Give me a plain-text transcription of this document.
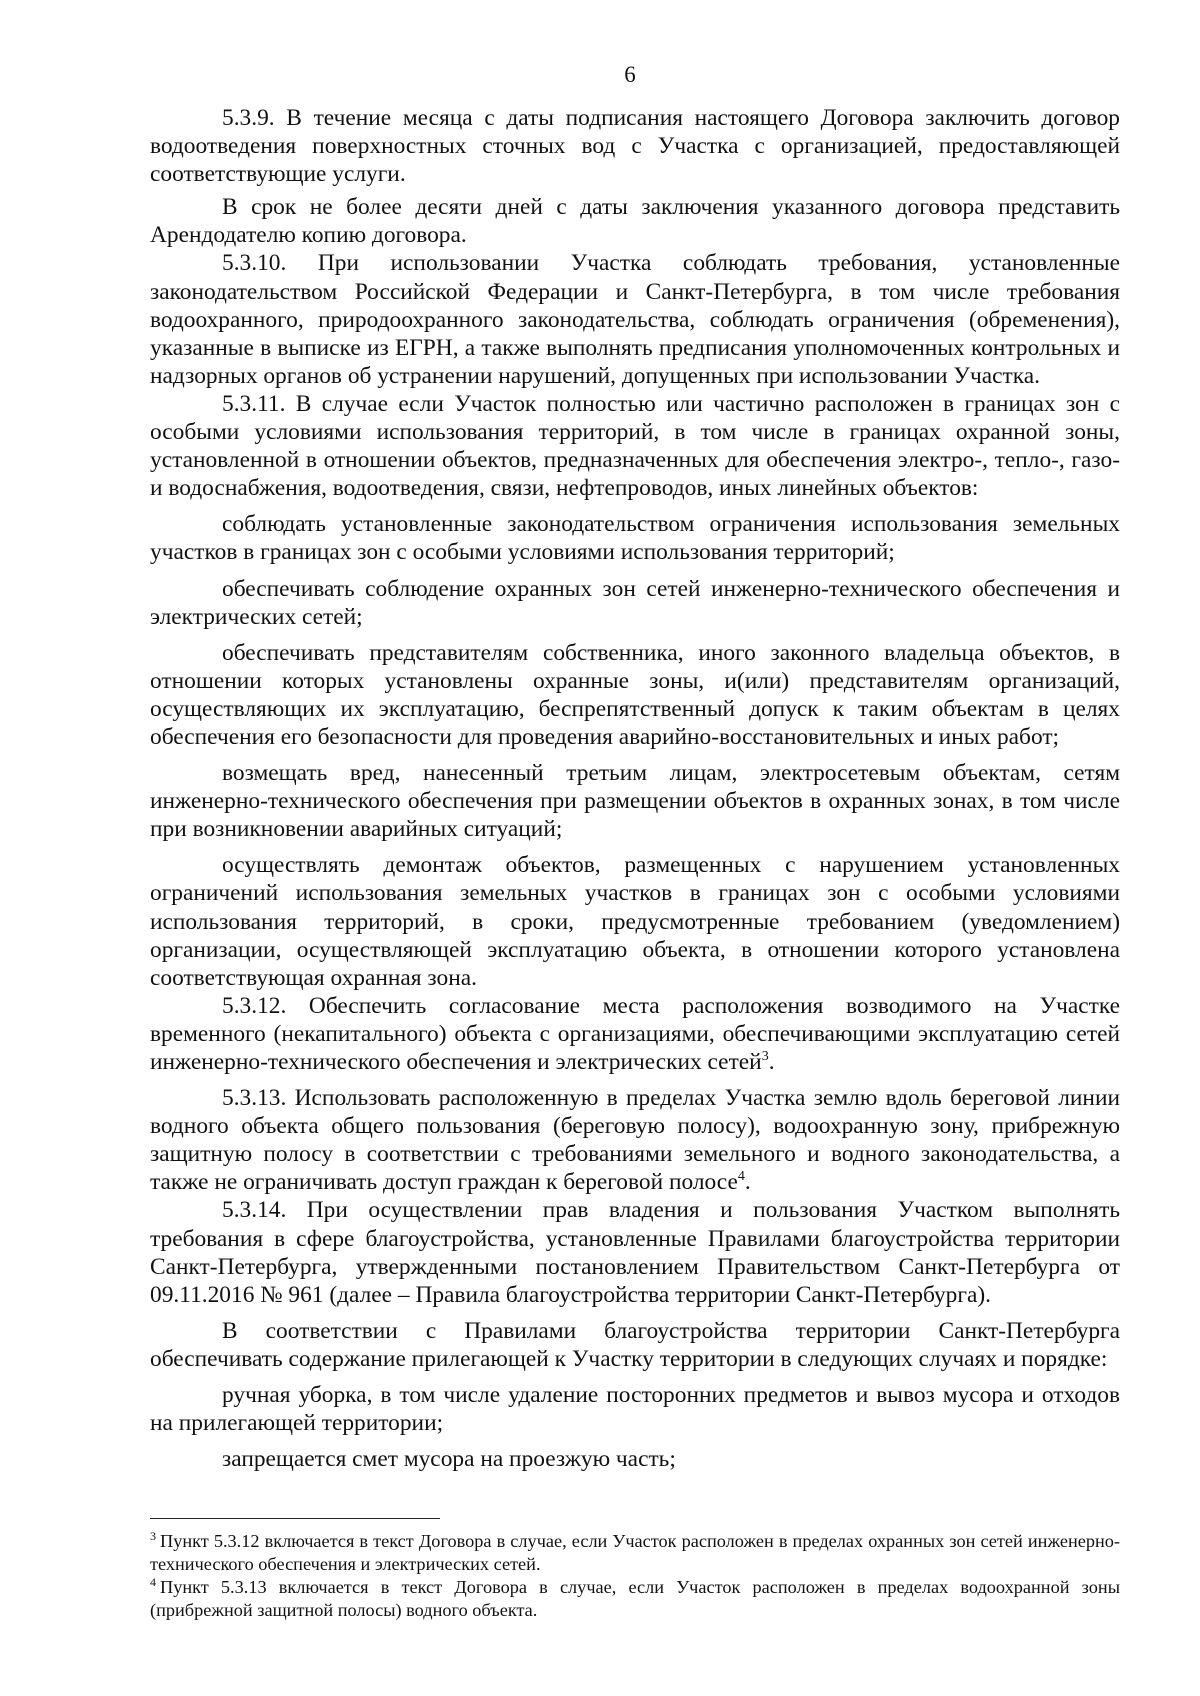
6

5.3.9. В течение месяца с даты подписания настоящего Договора заключить договор водоотведения поверхностных сточных вод с Участка с организацией, предоставляющей соответствующие услуги.

В срок не более десяти дней с даты заключения указанного договора представить Арендодателю копию договора.

5.3.10. При использовании Участка соблюдать требования, установленные законодательством Российской Федерации и Санкт-Петербурга, в том числе требования водоохранного, природоохранного законодательства, соблюдать ограничения (обременения), указанные в выписке из ЕГРН, а также выполнять предписания уполномоченных контрольных и надзорных органов об устранении нарушений, допущенных при использовании Участка.

5.3.11. В случае если Участок полностью или частично расположен в границах зон с особыми условиями использования территорий, в том числе в границах охранной зоны, установленной в отношении объектов, предназначенных для обеспечения электро-, тепло-, газо- и водоснабжения, водоотведения, связи, нефтепроводов, иных линейных объектов:

соблюдать установленные законодательством ограничения использования земельных участков в границах зон с особыми условиями использования территорий;

обеспечивать соблюдение охранных зон сетей инженерно-технического обеспечения и электрических сетей;

обеспечивать представителям собственника, иного законного владельца объектов, в отношении которых установлены охранные зоны, и(или) представителям организаций, осуществляющих их эксплуатацию, беспрепятственный допуск к таким объектам в целях обеспечения его безопасности для проведения аварийно-восстановительных и иных работ;

возмещать вред, нанесенный третьим лицам, электросетевым объектам, сетям инженерно-технического обеспечения при размещении объектов в охранных зонах, в том числе при возникновении аварийных ситуаций;

осуществлять демонтаж объектов, размещенных с нарушением установленных ограничений использования земельных участков в границах зон с особыми условиями использования территорий, в сроки, предусмотренные требованием (уведомлением) организации, осуществляющей эксплуатацию объекта, в отношении которого установлена соответствующая охранная зона.

5.3.12. Обеспечить согласование места расположения возводимого на Участке временного (некапитального) объекта с организациями, обеспечивающими эксплуатацию сетей инженерно-технического обеспечения и электрических сетей$^3$.

5.3.13. Использовать расположенную в пределах Участка землю вдоль береговой линии водного объекта общего пользования (береговую полосу), водоохранную зону, прибрежную защитную полосу в соответствии с требованиями земельного и водного законодательства, а также не ограничивать доступ граждан к береговой полосе$^4$.

5.3.14. При осуществлении прав владения и пользования Участком выполнять требования в сфере благоустройства, установленные Правилами благоустройства территории Санкт-Петербурга, утвержденными постановлением Правительством Санкт-Петербурга от 09.11.2016 № 961 (далее – Правила благоустройства территории Санкт-Петербурга).

В соответствии с Правилами благоустройства территории Санкт-Петербурга обеспечивать содержание прилегающей к Участку территории в следующих случаях и порядке:

ручная уборка, в том числе удаление посторонних предметов и вывоз мусора и отходов на прилегающей территории;

запрещается смет мусора на проезжую часть;

$^3$ Пункт 5.3.12 включается в текст Договора в случае, если Участок расположен в пределах охранных зон сетей инженерно-технического обеспечения и электрических сетей.

$^4$ Пункт 5.3.13 включается в текст Договора в случае, если Участок расположен в пределах водоохранной зоны (прибрежной защитной полосы) водного объекта.
